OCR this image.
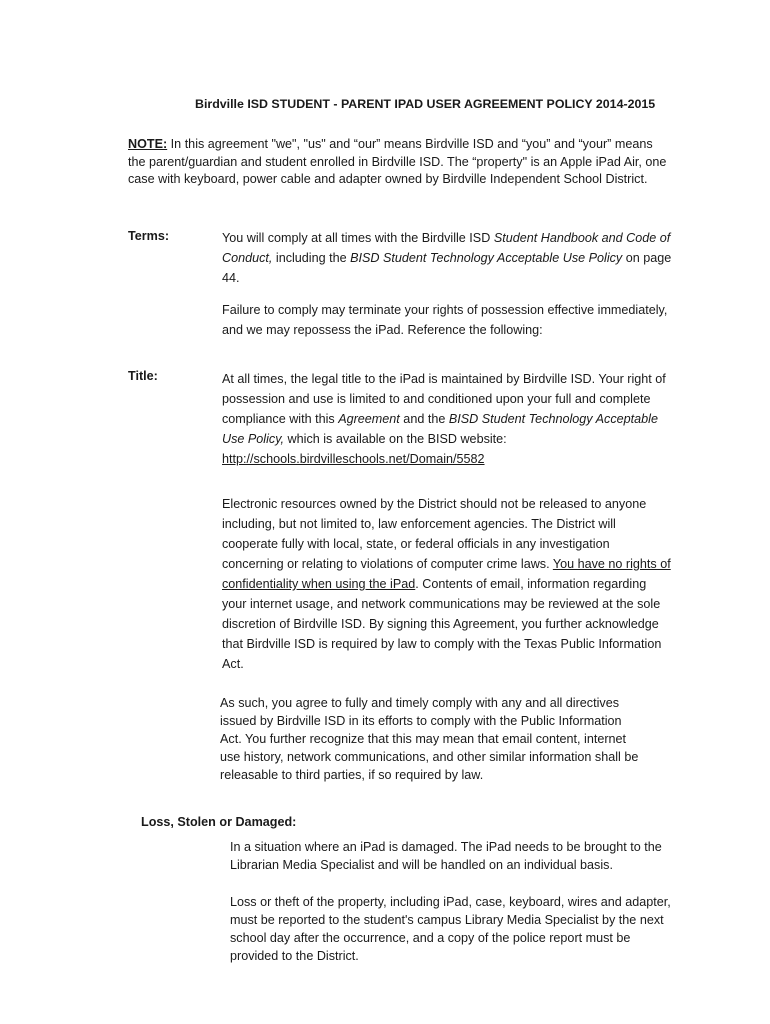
Birdville ISD STUDENT - PARENT IPAD USER AGREEMENT POLICY 2014-2015
NOTE: In this agreement "we", "us" and “our” means Birdville ISD and “you” and “your” means the parent/guardian and student enrolled in Birdville ISD. The “property" is an Apple iPad Air, one case with keyboard, power cable and adapter owned by Birdville Independent School District.
Terms:	You will comply at all times with the Birdville ISD Student Handbook and Code of Conduct, including the BISD Student Technology Acceptable Use Policy on page 44.

Failure to comply may terminate your rights of possession effective immediately, and we may repossess the iPad. Reference the following:

Title:	At all times, the legal title to the iPad is maintained by Birdville ISD. Your right of possession and use is limited to and conditioned upon your full and complete compliance with this Agreement and the BISD Student Technology Acceptable Use Policy, which is available on the BISD website:
http://schools.birdvilleschools.net/Domain/5582

Electronic resources owned by the District should not be released to anyone including, but not limited to, law enforcement agencies. The District will cooperate fully with local, state, or federal officials in any investigation concerning or relating to violations of computer crime laws. You have no rights of confidentiality when using the iPad. Contents of email, information regarding your internet usage, and network communications may be reviewed at the sole discretion of Birdville ISD. By signing this Agreement, you further acknowledge that Birdville ISD is required by law to comply with the Texas Public Information Act.

As such, you agree to fully and timely comply with any and all directives issued by Birdville ISD in its efforts to comply with the Public Information Act. You further recognize that this may mean that email content, internet use history, network communications, and other similar information shall be releasable to third parties, if so required by law.

Loss, Stolen or Damaged:

In a situation where an iPad is damaged. The iPad needs to be brought to the Librarian Media Specialist and will be handled on an individual basis.

Loss or theft of the property, including iPad, case, keyboard, wires and adapter, must be reported to the student's campus Library Media Specialist by the next school day after the occurrence, and a copy of the police report must be provided to the District.
